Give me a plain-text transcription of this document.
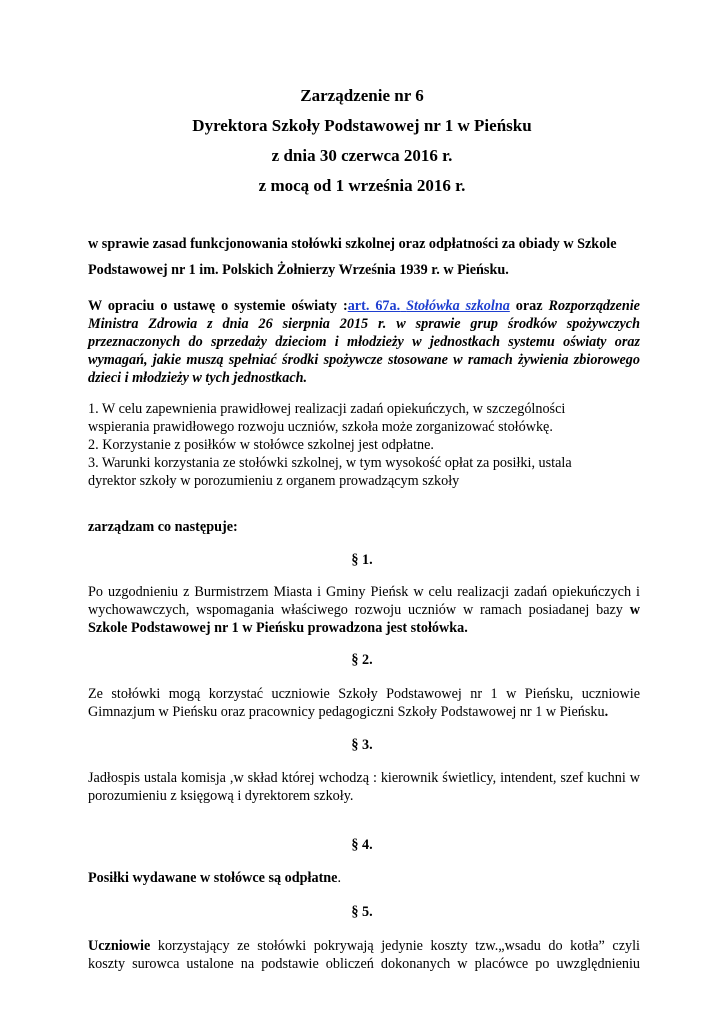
Zarządzenie nr 6
Dyrektora Szkoły Podstawowej nr 1 w Pieńsku
z dnia 30 czerwca 2016 r.
z mocą od 1 września 2016 r.
w sprawie zasad funkcjonowania stołówki szkolnej oraz odpłatności za obiady w Szkole
Podstawowej nr 1 im. Polskich Żołnierzy Września 1939 r. w Pieńsku.
W opraciu o ustawę o systemie oświaty :art. 67a. Stołówka szkolna oraz Rozporządzenie Ministra Zdrowia z dnia 26 sierpnia 2015 r. w sprawie grup środków spożywczych przeznaczonych do sprzedaży dzieciom i młodzieży w jednostkach systemu oświaty oraz wymagań, jakie muszą spełniać środki spożywcze stosowane w ramach żywienia zbiorowego dzieci i młodzieży w tych jednostkach.
1. W celu zapewnienia prawidłowej realizacji zadań opiekuńczych, w szczególności
wspierania prawidłowego rozwoju uczniów, szkoła może zorganizować stołówkę.
2. Korzystanie z posiłków w stołówce szkolnej jest odpłatne.
3. Warunki korzystania ze stołówki szkolnej, w tym wysokość opłat za posiłki, ustala
dyrektor szkoły w porozumieniu z organem prowadzącym szkoły
zarządzam co następuje:
§ 1.
Po uzgodnieniu z Burmistrzem Miasta i Gminy Pieńsk w celu realizacji zadań opiekuńczych i wychowawczych, wspomagania właściwego rozwoju uczniów w ramach posiadanej bazy w Szkole Podstawowej nr 1 w Pieńsku prowadzona jest stołówka.
§ 2.
Ze stołówki mogą korzystać uczniowie Szkoły Podstawowej nr 1 w Pieńsku, uczniowie Gimnazjum w Pieńsku oraz pracownicy pedagogiczni Szkoły Podstawowej nr 1 w Pieńsku.
§ 3.
Jadłospis ustala komisja ,w skład której wchodzą : kierownik świetlicy, intendent, szef kuchni w porozumieniu z księgową i dyrektorem szkoły.
§ 4.
Posiłki wydawane w stołówce są odpłatne.
§ 5.
Uczniowie korzystający ze stołówki pokrywają jedynie koszty tzw.„wsadu do kotła” czyli koszty surowca ustalone na podstawie obliczeń dokonanych w placówce po uwzględnieniu
